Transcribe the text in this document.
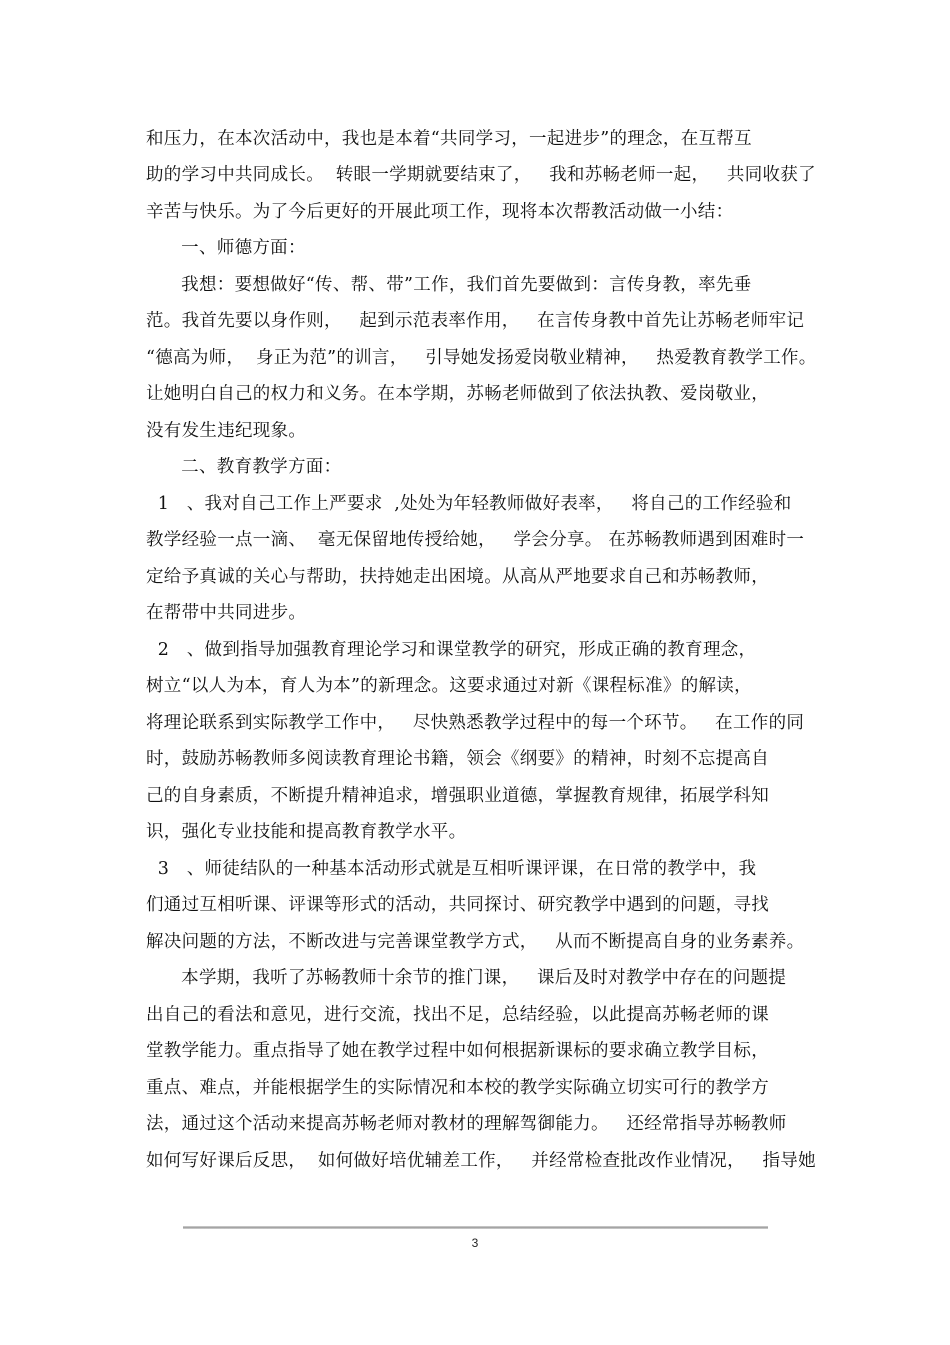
和压力，在本次活动中，我也是本着“共同学习，一起进步”的理念，在互帮互
助的学习中共同成长。  转眼一学期就要结束了，   我和苏畅老师一起，   共同收获了
辛苦与快乐。为了今后更好的开展此项工作，现将本次帮教活动做一小结：
一、师德方面：
我想：要想做好“传、帮、带”工作，我们首先要做到：言传身教，率先垂
范。我首先要以身作则，   起到示范表率作用，   在言传身教中首先让苏畅老师牢记
“德高为师，  身正为范”的训言，   引导她发扬爱岗敬业精神，   热爱教育教学工作。
让她明白自己的权力和义务。在本学期，苏畅老师做到了依法执教、爱岗敬业，
没有发生违纪现象。
二、教育教学方面：
1   、我对自己工作上严要求  ,处处为年轻教师做好表率，   将自己的工作经验和
教学经验一点一滴、  毫无保留地传授给她，   学会分享。 在苏畅教师遇到困难时一
定给予真诚的关心与帮助，扶持她走出困境。从高从严地要求自己和苏畅教师，
在帮带中共同进步。
2   、做到指导加强教育理论学习和课堂教学的研究，形成正确的教育理念，
树立“以人为本，育人为本”的新理念。这要求通过对新《课程标准》的解读，
将理论联系到实际教学工作中，   尽快熟悉教学过程中的每一个环节。   在工作的同
时，鼓励苏畅教师多阅读教育理论书籍，领会《纲要》的精神，时刻不忘提高自
己的自身素质，不断提升精神追求，增强职业道德，掌握教育规律，拓展学科知
识，强化专业技能和提高教育教学水平。
3   、师徒结队的一种基本活动形式就是互相听课评课，在日常的教学中，我
们通过互相听课、评课等形式的活动，共同探讨、研究教学中遇到的问题，寻找
解决问题的方法，不断改进与完善课堂教学方式，   从而不断提高自身的业务素养。
本学期，我听了苏畅教师十余节的推门课，   课后及时对教学中存在的问题提
出自己的看法和意见，进行交流，找出不足，总结经验，以此提高苏畅老师的课
堂教学能力。重点指导了她在教学过程中如何根据新课标的要求确立教学目标，
重点、难点，并能根据学生的实际情况和本校的教学实际确立切实可行的教学方
法，通过这个活动来提高苏畅老师对教材的理解驾御能力。   还经常指导苏畅教师
如何写好课后反思，  如何做好培优辅差工作，   并经常检查批改作业情况，   指导她
3
